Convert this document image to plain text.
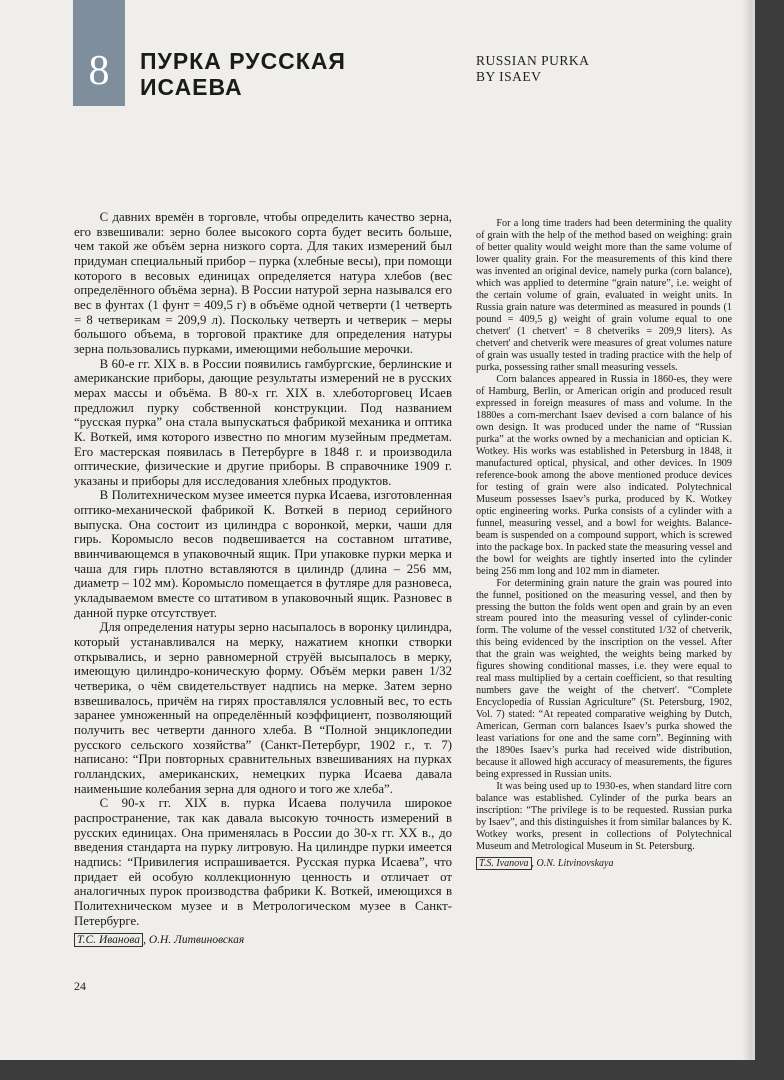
8	ПУРКА РУССКАЯ
ИСАЕВА
RUSSIAN PURKA
BY ISAEV

С давних времён в торговле, чтобы определить качество зерна, его взвешивали: зерно более высокого сорта будет весить больше, чем такой же объём зерна низкого сорта. Для таких измерений был придуман специальный прибор – пурка (хлебные весы), при помощи которого в весовых единицах определяется натура хлебов (вес определённого объёма зерна). В России натурой зерна назывался его вес в фунтах (1 фунт = 409,5 г) в объёме одной четверти (1 четверть = 8 четверикам = 209,9 л). Поскольку четверть и четверик – меры большого объема, в торговой практике для определения натуры зерна пользовались пурками, имеющими небольшие мерочки.

В 60-е гг. XIX в. в России появились гамбургские, берлинские и американские приборы, дающие результаты измерений не в русских мерах массы и объёма. В 80-х гг. XIX в. хлеботорговец Исаев предложил пурку собственной конструкции. Под названием “русская пурка” она стала выпускаться фабрикой механика и оптика К. Воткей, имя которого известно по многим музейным предметам. Его мастерская появилась в Петербурге в 1848 г. и производила оптические, физические и другие приборы. В справочнике 1909 г. указаны и приборы для исследования хлебных продуктов.

В Политехническом музее имеется пурка Исаева, изготовленная оптико-механической фабрикой К. Воткей в период серийного выпуска. Она состоит из цилиндра с воронкой, мерки, чаши для гирь. Коромысло весов подвешивается на составном штативе, ввинчивающемся в упаковочный ящик. При упаковке пурки мерка и чаша для гирь плотно вставляются в цилиндр (длина – 256 мм, диаметр – 102 мм). Коромысло помещается в футляре для разновеса, укладываемом вместе со штативом в упаковочный ящик. Разновес в данной пурке отсутствует.

Для определения натуры зерно насыпалось в воронку цилиндра, который устанавливался на мерку, нажатием кнопки створки открывались, и зерно равномерной струёй высыпалось в мерку, имеющую цилиндро-коническую форму. Объём мерки равен 1/32 четверика, о чём свидетельствует надпись на мерке. Затем зерно взвешивалось, причём на гирях проставлялся условный вес, то есть заранее умноженный на определённый коэффициент, позволяющий получить вес четверти данного хлеба. В “Полной энциклопедии русского сельского хозяйства” (Санкт-Петербург, 1902 г., т. 7) написано: “При повторных сравнительных взвешиваниях на пурках голландских, американских, немецких пурка Исаева давала наименьшие колебания зерна для одного и того же хлеба”.

С 90-х гг. XIX в. пурка Исаева получила широкое распространение, так как давала высокую точность измерений в русских единицах. Она применялась в России до 30-х гг. XX в., до введения стандарта на пурку литровую. На цилиндре пурки имеется надпись: “Привилегия испрашивается. Русская пурка Исаева”, что придает ей особую коллекционную ценность и отличает от аналогичных пурок производства фабрики К. Воткей, имеющихся в Политехническом музее и в Метрологическом музее в Санкт-Петербурге.

Т.С. Иванова , О.Н. Литвиновская

For a long time traders had been determining the quality of grain with the help of the method based on weighing: grain of better quality would weight more than the same volume of lower quality grain. For the measurements of this kind there was invented an original device, namely purka (corn balance), which was applied to determine “grain nature”, i.e. weight of the certain volume of grain, evaluated in weight units. In Russia grain nature was determined as measured in pounds (1 pound = 409,5 g) weight of grain volume equal to one chetvert' (1 chetvert' = 8 chetveriks = 209,9 liters). As chetvert' and chetverik were measures of great volumes nature of grain was usually tested in trading practice with the help of purka, possessing rather small measuring vessels.

Corn balances appeared in Russia in 1860-es, they were of Hamburg, Berlin, or American origin and produced result expressed in foreign measures of mass and volume. In the 1880es a corn-merchant Isaev devised a corn balance of his own design. It was produced under the name of “Russian purka” at the works owned by a mechanician and optician K. Wotkey. His works was established in Petersburg in 1848, it manufactured optical, physical, and other devices. In 1909 reference-book among the above mentioned produce devices for testing of grain were also indicated. Polytechnical Museum possesses Isaev’s purka, produced by K. Wotkey optic engineering works. Purka consists of a cylinder with a funnel, measuring vessel, and a bowl for weights. Balance-beam is suspended on a compound support, which is screwed into the package box. In packed state the measuring vessel and the bowl for weights are tightly inserted into the cylinder being 256 mm long and 102 mm in diameter.

For determining grain nature the grain was poured into the funnel, positioned on the measuring vessel, and then by pressing the button the folds went open and grain by an even stream poured into the measuring vessel of cylinder-conic form. The volume of the vessel constituted 1/32 of chetverik, this being evidenced by the inscription on the vessel. After that the grain was weighted, the weights being marked by figures showing conditional masses, i.e. they were equal to real mass multiplied by a certain coefficient, so that resulting numbers gave the weight of the chetvert'. “Complete Encyclopedia of Russian Agriculture” (St. Petersburg, 1902, Vol. 7) stated: “At repeated comparative weighing by Dutch, American, German corn balances Isaev’s purka showed the least variations for one and the same corn”. Beginning with the 1890es Isaev’s purka had received wide distribution, because it allowed high accuracy of measurements, the figures being expressed in Russian units.

It was being used up to 1930-es, when standard litre corn balance was established. Cylinder of the purka bears an inscription: “The privilege is to be requested. Russian purka by Isaev”, and this distinguishes it from similar balances by K. Wotkey works, present in collections of Polytechnical Museum and Metrological Museum in St. Petersburg.

T.S. Ivanova , O.N. Litvinovskaya
24
